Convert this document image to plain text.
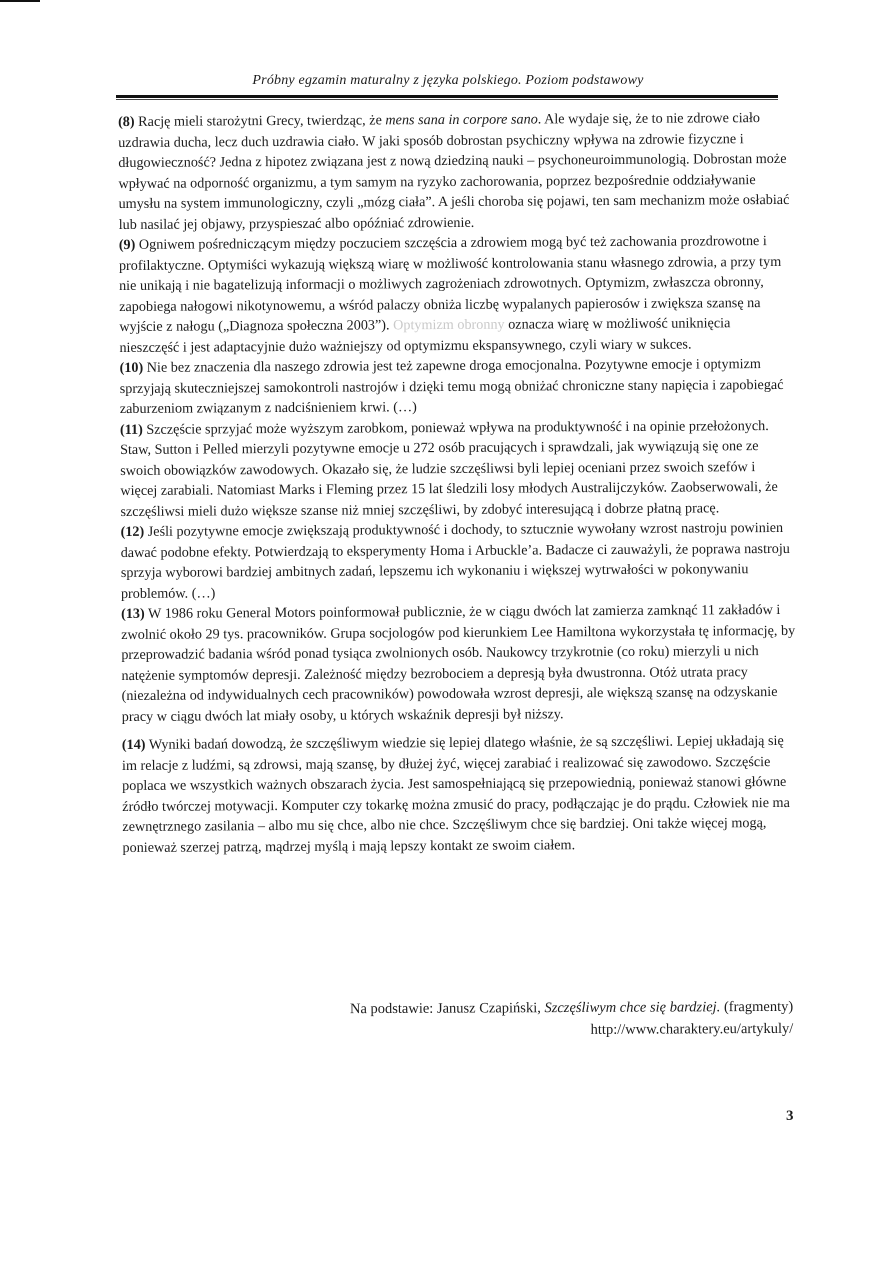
Próbny egzamin maturalny z języka polskiego. Poziom podstawowy

(8) Rację mieli starożytni Grecy, twierdząc, że mens sana in corpore sano. Ale wydaje się, że to nie zdrowe ciało uzdrawia ducha, lecz duch uzdrawia ciało. W jaki sposób dobrostan psychiczny wpływa na zdrowie fizyczne i długowieczność? Jedna z hipotez związana jest z nową dziedziną nauki – psychoneuroimmunologią. Dobrostan może wpływać na odporność organizmu, a tym samym na ryzyko zachorowania, poprzez bezpośrednie oddziaływanie umysłu na system immunologiczny, czyli „mózg ciała”. A jeśli choroba się pojawi, ten sam mechanizm może osłabiać lub nasilać jej objawy, przyspieszać albo opóźniać zdrowienie.

(9) Ogniwem pośredniczącym między poczuciem szczęścia a zdrowiem mogą być też zachowania prozdrowotne i profilaktyczne. Optymiści wykazują większą wiarę w możliwość kontrolowania stanu własnego zdrowia, a przy tym nie unikają i nie bagatelizują informacji o możliwych zagrożeniach zdrowotnych. Optymizm, zwłaszcza obronny, zapobiega nałogowi nikotynowemu, a wśród palaczy obniża liczbę wypalanych papierosów i zwiększa szansę na wyjście z nałogu („Diagnoza społeczna 2003”). Optymizm obronny oznacza wiarę w możliwość uniknięcia nieszczęść i jest adaptacyjnie dużo ważniejszy od optymizmu ekspansywnego, czyli wiary w sukces.

(10) Nie bez znaczenia dla naszego zdrowia jest też zapewne droga emocjonalna. Pozytywne emocje i optymizm sprzyjają skuteczniejszej samokontroli nastrojów i dzięki temu mogą obniżać chroniczne stany napięcia i zapobiegać zaburzeniom związanym z nadciśnieniem krwi. (…)

(11) Szczęście sprzyjać może wyższym zarobkom, ponieważ wpływa na produktywność i na opinie przełożonych. Staw, Sutton i Pelled mierzyli pozytywne emocje u 272 osób pracujących i sprawdzali, jak wywiązują się one ze swoich obowiązków zawodowych. Okazało się, że ludzie szczęśliwsi byli lepiej oceniani przez swoich szefów i więcej zarabiali. Natomiast Marks i Fleming przez 15 lat śledzili losy młodych Australijczyków. Zaobserwowali, że szczęśliwsi mieli dużo większe szanse niż mniej szczęśliwi, by zdobyć interesującą i dobrze płatną pracę.

(12) Jeśli pozytywne emocje zwiększają produktywność i dochody, to sztucznie wywołany wzrost nastroju powinien dawać podobne efekty. Potwierdzają to eksperymenty Homa i Arbuckle’a. Badacze ci zauważyli, że poprawa nastroju sprzyja wyborowi bardziej ambitnych zadań, lepszemu ich wykonaniu i większej wytrwałości w pokonywaniu problemów. (…)

(13) W 1986 roku General Motors poinformował publicznie, że w ciągu dwóch lat zamierza zamknąć 11 zakładów i zwolnić około 29 tys. pracowników. Grupa socjologów pod kierunkiem Lee Hamiltona wykorzystała tę informację, by przeprowadzić badania wśród ponad tysiąca zwolnionych osób. Naukowcy trzykrotnie (co roku) mierzyli u nich natężenie symptomów depresji. Zależność między bezrobociem a depresją była dwustronna. Otóż utrata pracy (niezależna od indywidualnych cech pracowników) powodowała wzrost depresji, ale większą szansę na odzyskanie pracy w ciągu dwóch lat miały osoby, u których wskaźnik depresji był niższy.

(14) Wyniki badań dowodzą, że szczęśliwym wiedzie się lepiej dlatego właśnie, że są szczęśliwi. Lepiej układają się im relacje z ludźmi, są zdrowsi, mają szansę, by dłużej żyć, więcej zarabiać i realizować się zawodowo. Szczęście poplaca we wszystkich ważnych obszarach życia. Jest samospełniającą się przepowiednią, ponieważ stanowi główne źródło twórczej motywacji. Komputer czy tokarkę można zmusić do pracy, podłączając je do prądu. Człowiek nie ma zewnętrznego zasilania – albo mu się chce, albo nie chce. Szczęśliwym chce się bardziej. Oni także więcej mogą, ponieważ szerzej patrzą, mądrzej myślą i mają lepszy kontakt ze swoim ciałem.

Na podstawie: Janusz Czapiński, Szczęśliwym chce się bardziej. (fragmenty)
http://www.charaktery.eu/artykuly/
3
